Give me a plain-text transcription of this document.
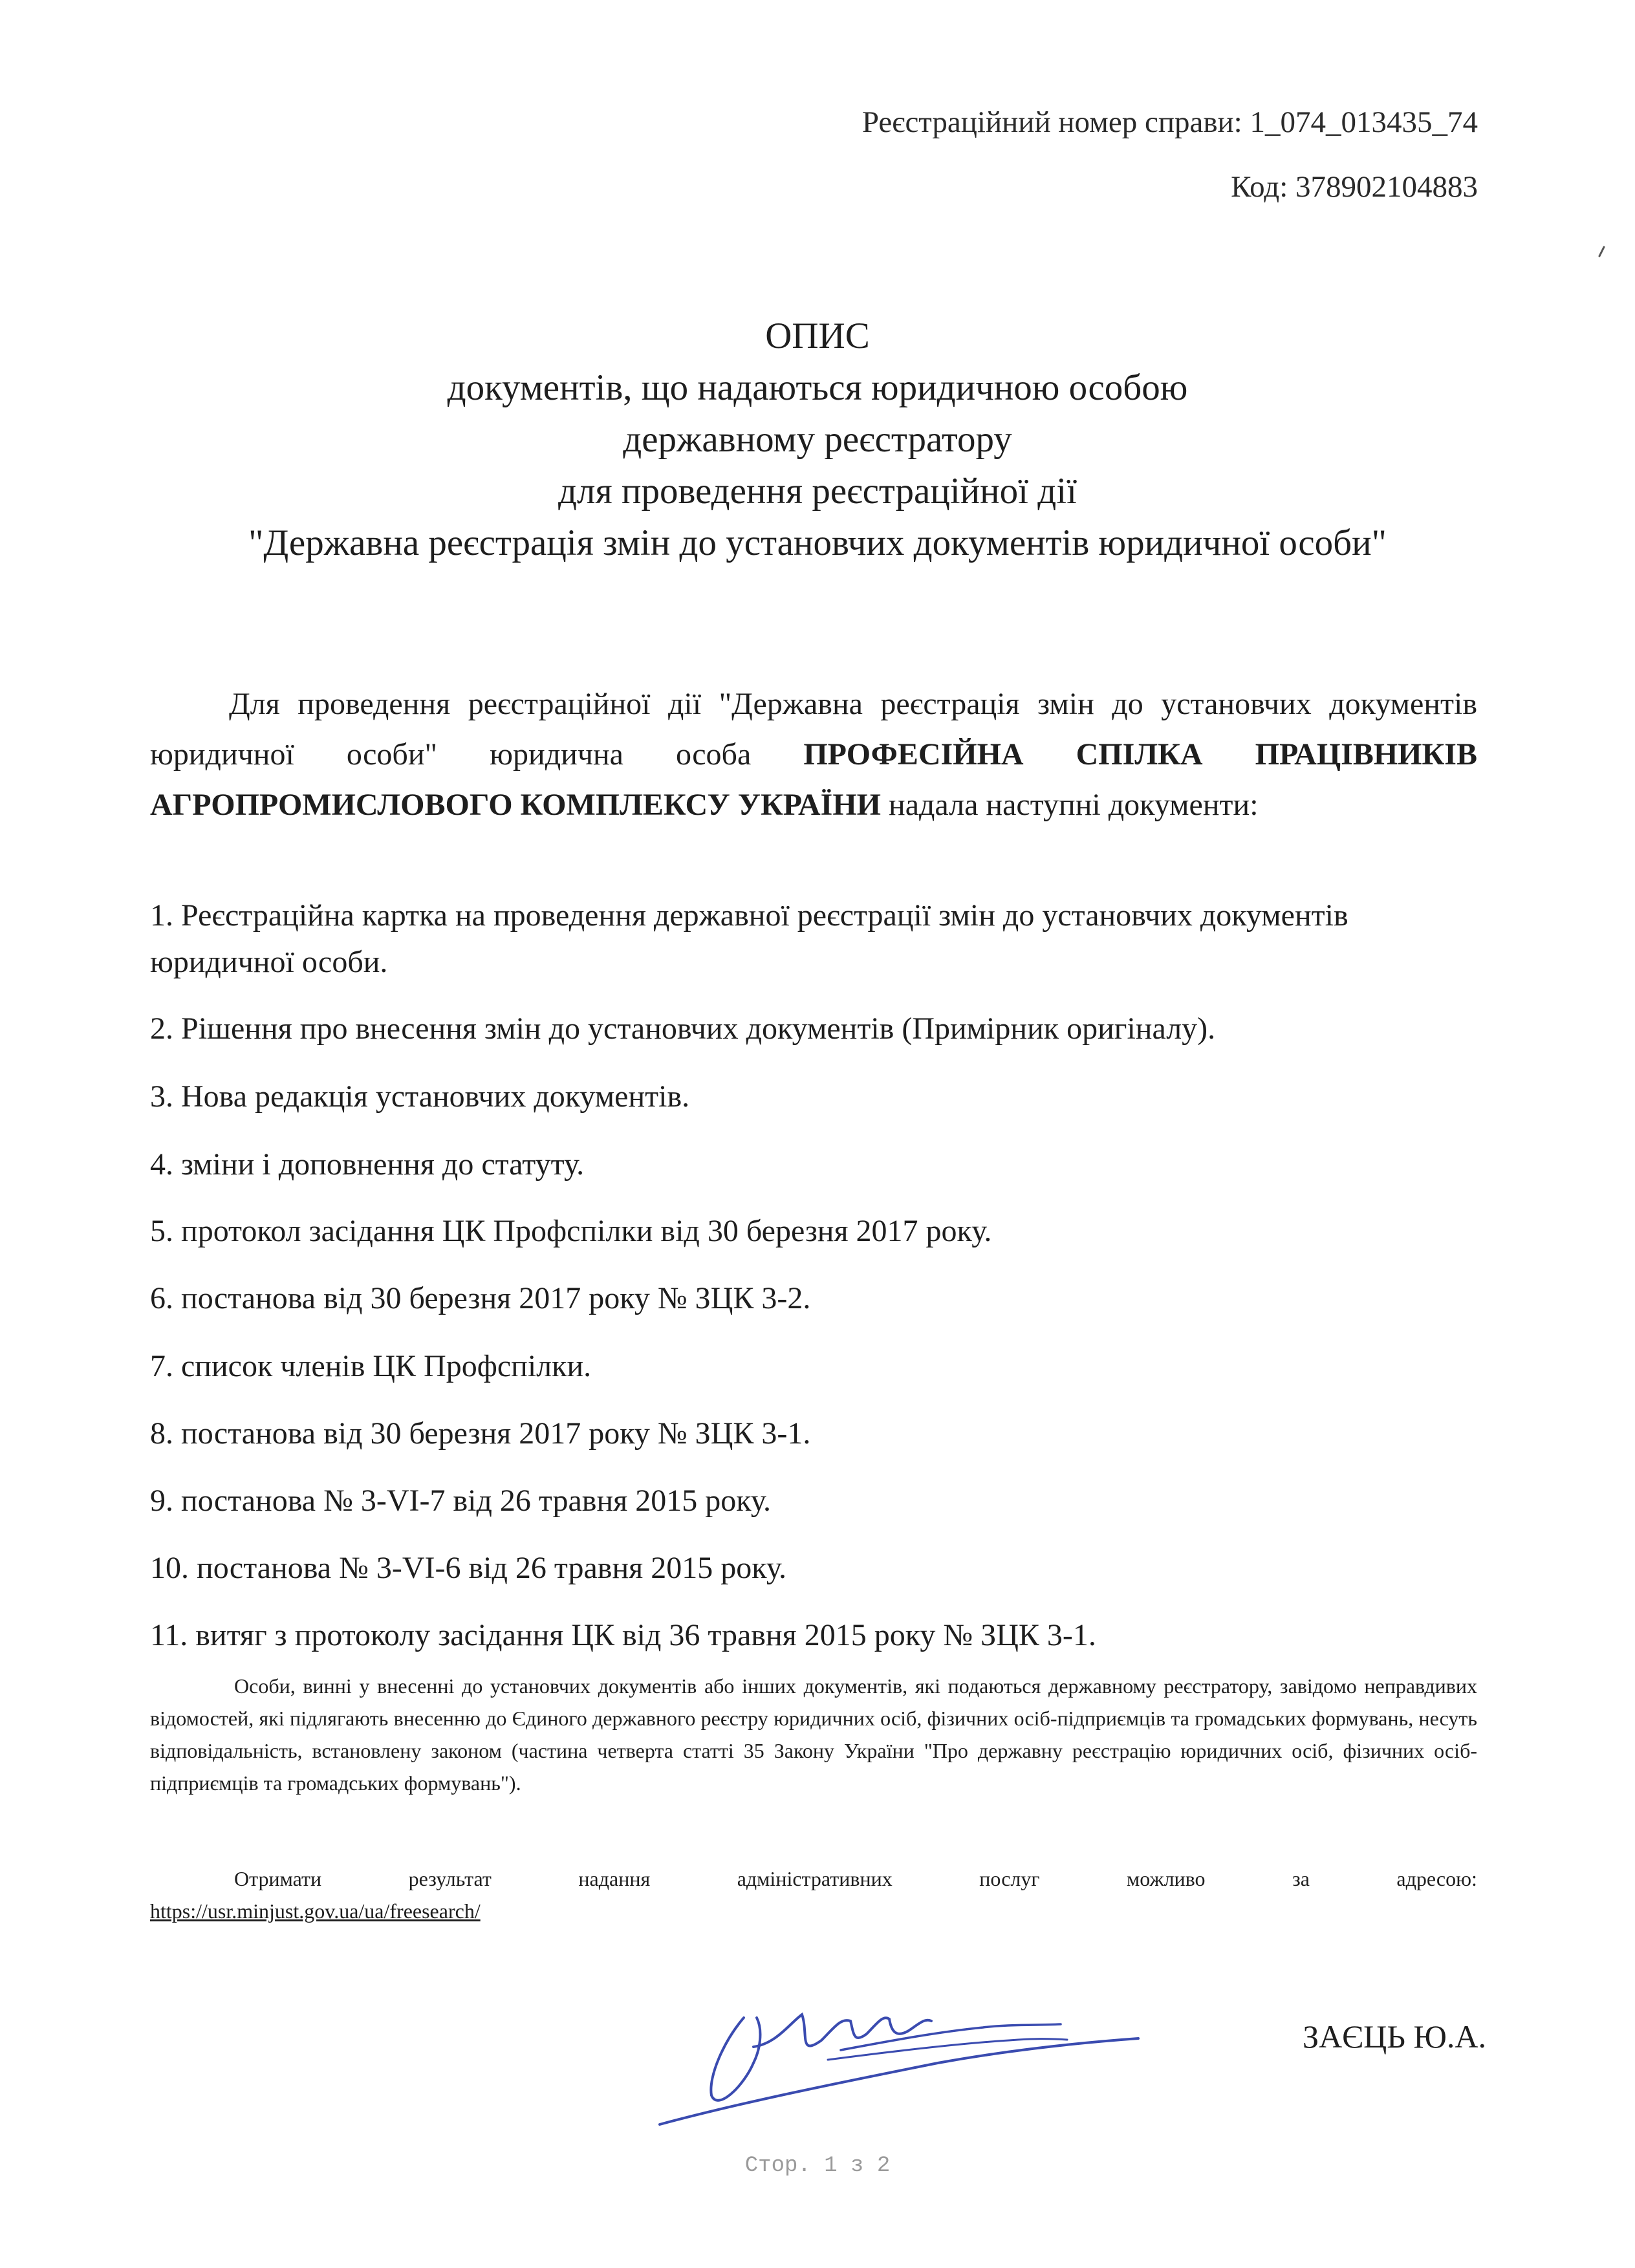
Реєстраційний номер справи: 1_074_013435_74
Код: 378902104883
ОПИС
документів, що надаються юридичною особою
державному реєстратору
для проведення реєстраційної дії
"Державна реєстрація змін до установчих документів юридичної особи"
Для проведення реєстраційної дії "Державна реєстрація змін до установчих документів юридичної особи" юридична особа ПРОФЕСІЙНА СПІЛКА ПРАЦІВНИКІВ АГРОПРОМИСЛОВОГО КОМПЛЕКСУ УКРАЇНИ надала наступні документи:
1. Реєстраційна картка на проведення державної реєстрації змін до установчих документів юридичної особи.
2. Рішення про внесення змін до установчих документів (Примірник оригіналу).
3. Нова редакція установчих документів.
4. зміни і доповнення до статуту.
5. протокол засідання ЦК Профспілки від 30 березня 2017 року.
6. постанова від 30 березня 2017 року № ЗЦК 3-2.
7. список членів ЦК Профспілки.
8. постанова від 30 березня 2017 року № ЗЦК 3-1.
9. постанова № 3-VI-7 від 26 травня 2015 року.
10. постанова № 3-VI-6 від 26 травня 2015 року.
11. витяг з протоколу засідання ЦК від 36 травня 2015 року № ЗЦК 3-1.
Особи, винні у внесенні до установчих документів або інших документів, які подаються державному реєстратору, завідомо неправдивих відомостей, які підлягають внесенню до Єдиного державного реєстру юридичних осіб, фізичних осіб-підприємців та громадських формувань, несуть відповідальність, встановлену законом (частина четверта статті 35 Закону України "Про державну реєстрацію юридичних осіб, фізичних осіб-підприємців та громадських формувань").
Отримати	результат	надання	адміністративних	послуг	можливо	за	адресою:
https://usr.minjust.gov.ua/ua/freesearch/
ЗАЄЦЬ Ю.А.
Стор. 1 з 2
